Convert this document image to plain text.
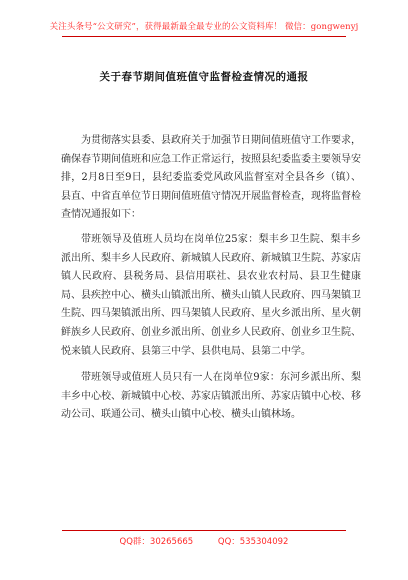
关注头条号“公文研究”，获得最新最全最专业的公文资料库！ 微信：gongwenyj
关于春节期间值班值守监督检查情况的通报

为贯彻落实县委、县政府关于加强节日期间值班值守工作要求，确保春节期间值班和应急工作正常运行，按照县纪委监委主要领导安排，2月8日至9日，县纪委监委党风政风监督室对全县各乡（镇）、县直、中省直单位节日期间值班值守情况开展监督检查，现将监督检查情况通报如下：

带班领导及值班人员均在岗单位25家：梨丰乡卫生院、梨丰乡派出所、梨丰乡人民政府、新城镇人民政府、新城镇卫生院、苏家店镇人民政府、县税务局、县信用联社、县农业农村局、县卫生健康局、县疾控中心、横头山镇派出所、横头山镇人民政府、四马架镇卫生院、四马架镇派出所、四马架镇人民政府、星火乡派出所、星火朝鲜族乡人民政府、创业乡派出所、创业乡人民政府、创业乡卫生院、悦来镇人民政府、县第三中学、县供电局、县第二中学。

带班领导或值班人员只有一人在岗单位9家：东河乡派出所、梨丰乡中心校、新城镇中心校、苏家店镇派出所、苏家店镇中心校、移动公司、联通公司、横头山镇中心校、横头山镇林场。

QQ群：30265665	QQ：535304092
